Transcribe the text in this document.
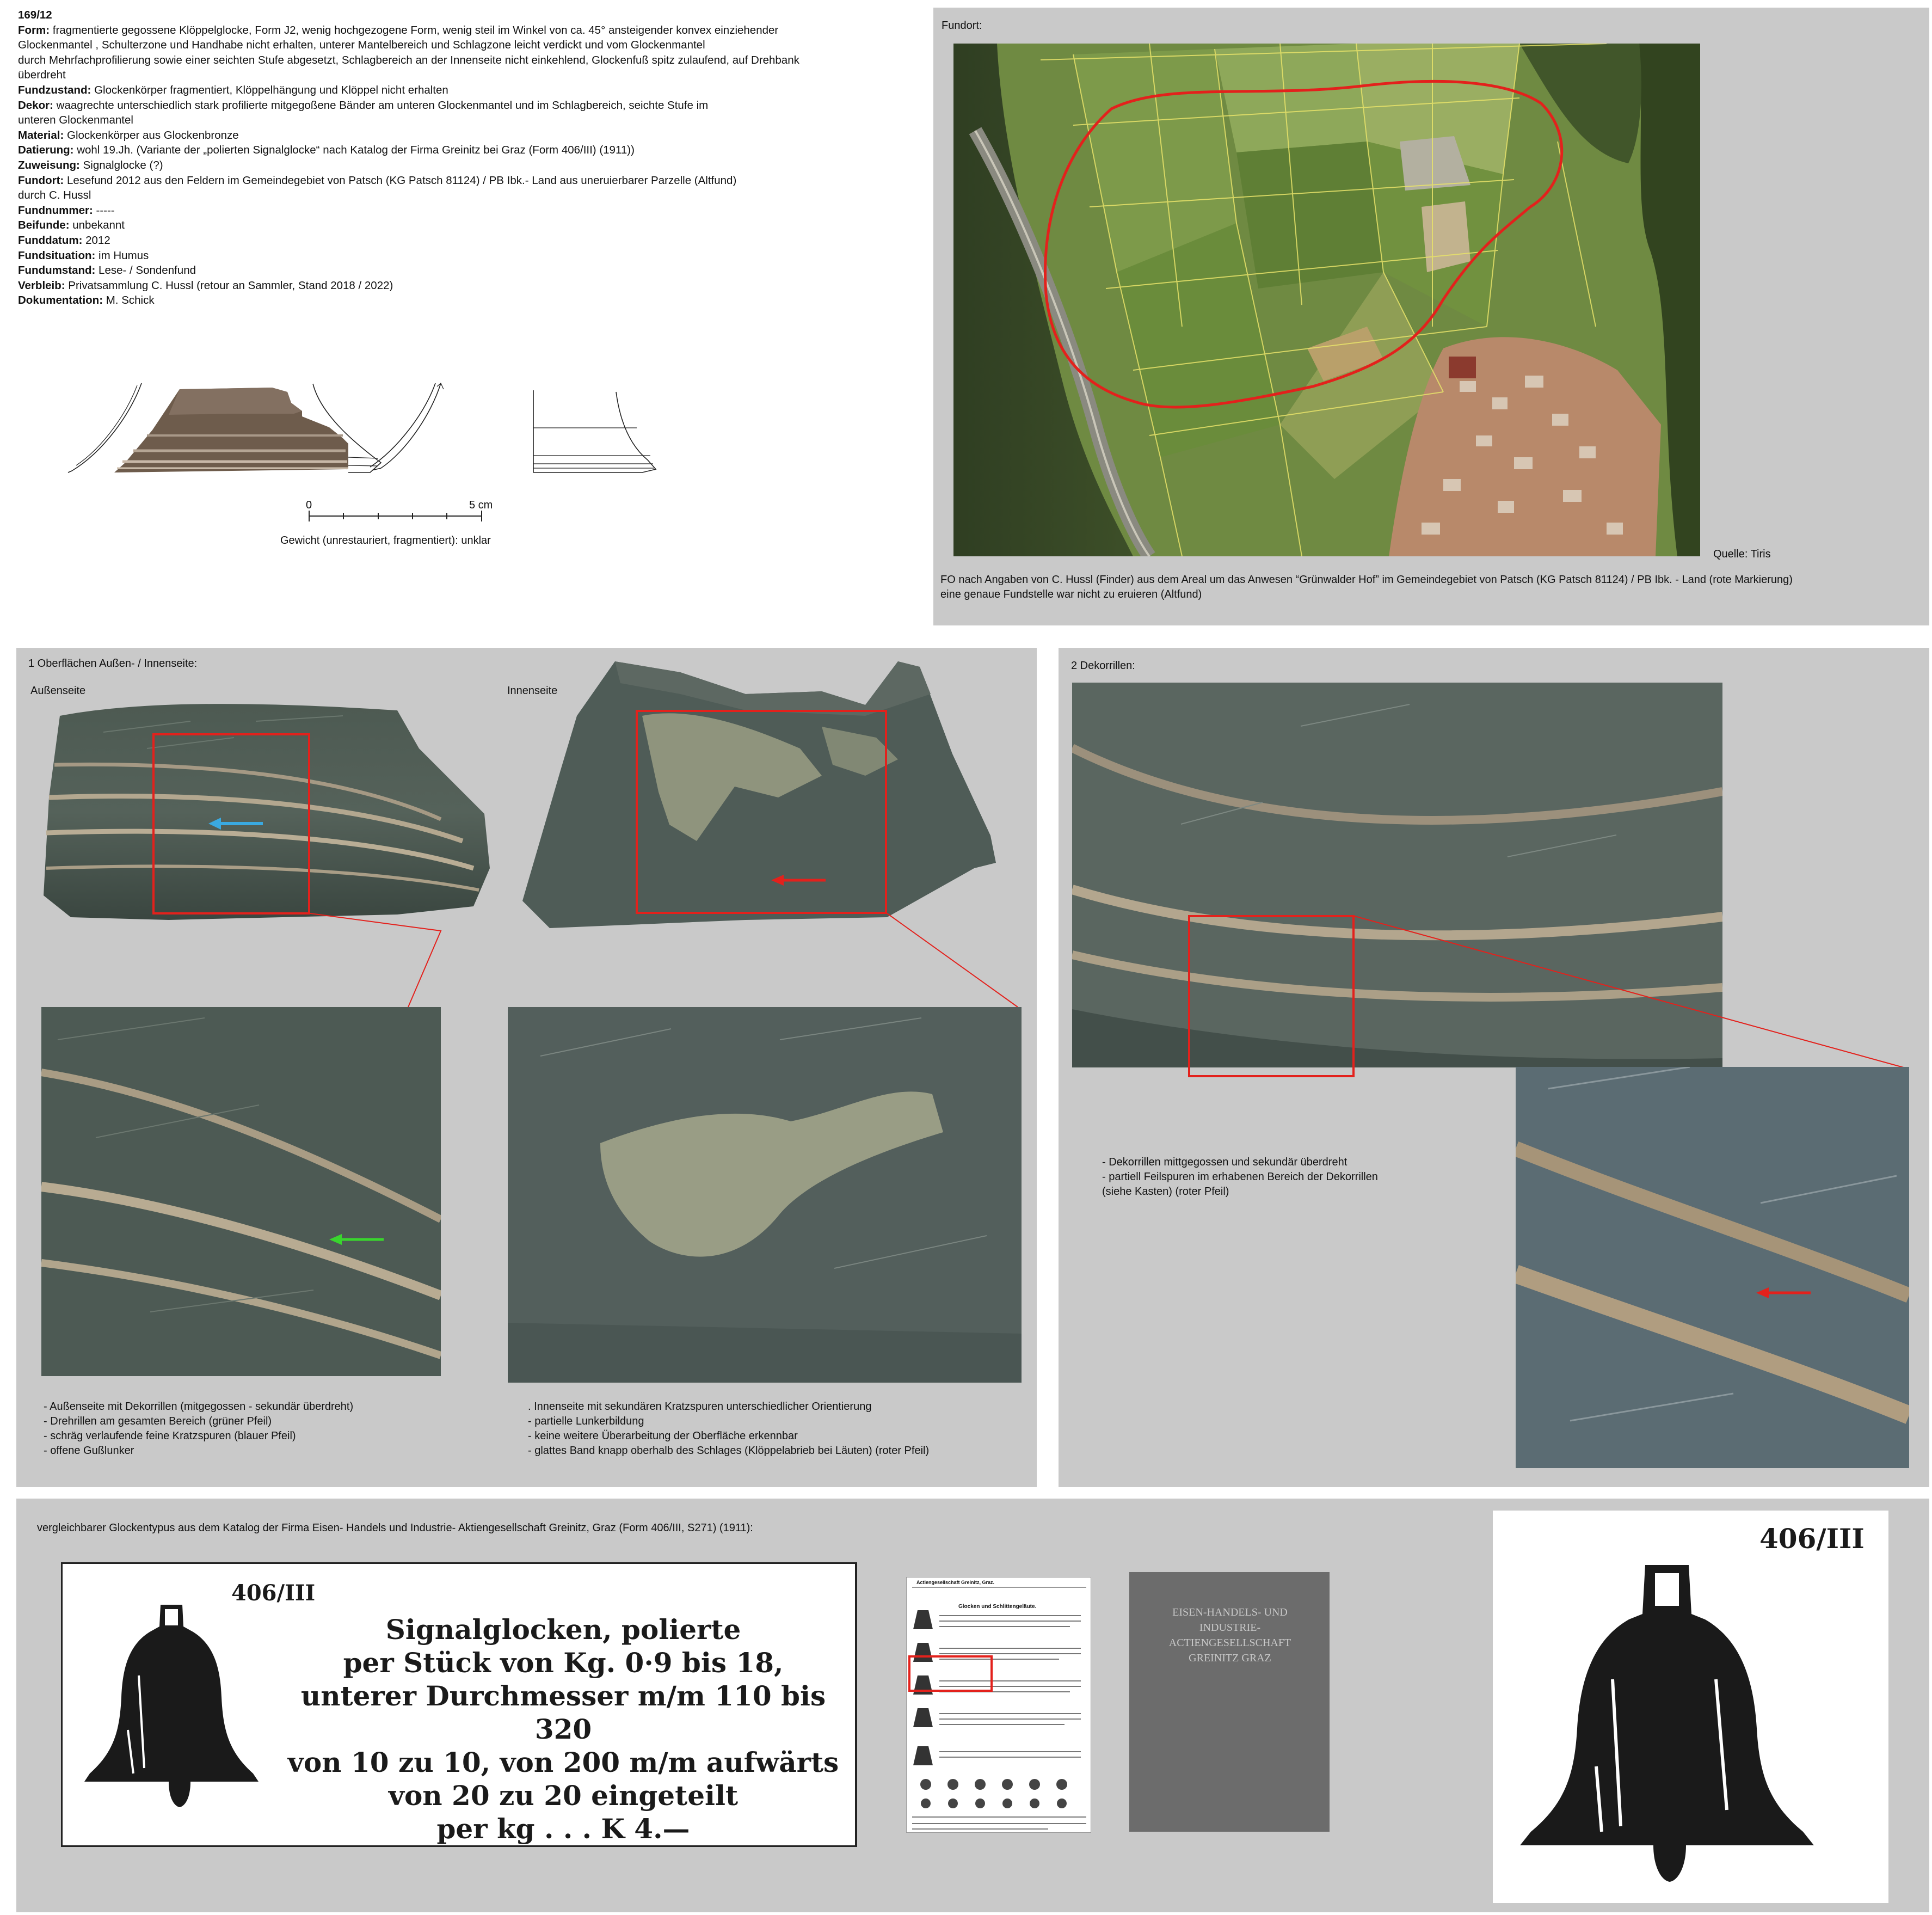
169/12

Form: fragmentierte gegossene Klöppelglocke, Form J2, wenig hochgezogene Form, wenig steil im Winkel von ca. 45° ansteigender konvex einziehender

Glockenmantel , Schulterzone und Handhabe nicht erhalten, unterer Mantelbereich und Schlagzone leicht verdickt und vom Glockenmantel

durch Mehrfachprofilierung sowie einer seichten Stufe abgesetzt, Schlagbereich an der Innenseite nicht einkehlend, Glockenfuß spitz zulaufend, auf Drehbank

überdreht

Fundzustand: Glockenkörper fragmentiert, Klöppelhängung und Klöppel nicht erhalten

Dekor: waagrechte unterschiedlich stark profilierte mitgegoßene Bänder am unteren Glockenmantel und im Schlagbereich, seichte Stufe im

unteren Glockenmantel

Material: Glockenkörper aus Glockenbronze

Datierung: wohl 19.Jh. (Variante der „polierten Signalglocke“ nach Katalog der Firma Greinitz bei Graz (Form 406/III) (1911))

Zuweisung: Signalglocke (?)

Fundort: Lesefund 2012 aus den Feldern im Gemeindegebiet von Patsch (KG Patsch 81124) / PB Ibk.- Land aus uneruierbarer Parzelle (Altfund)

durch C. Hussl

Fundnummer: -----

Beifunde: unbekannt

Funddatum: 2012

Fundsituation: im Humus

Fundumstand: Lese- / Sondenfund

Verbleib: Privatsammlung C. Hussl (retour an Sammler, Stand 2018 / 2022)

Dokumentation: M. Schick

0	5 cm
Gewicht (unrestauriert, fragmentiert): unklar
Fundort:
Quelle: Tiris
FO nach Angaben von C. Hussl (Finder) aus dem Areal um das Anwesen “Grünwalder Hof” im Gemeindegebiet von Patsch (KG Patsch 81124) / PB Ibk. - Land (rote Markierung)
eine genaue Fundstelle war nicht zu eruieren (Altfund)
1 Oberflächen Außen- / Innenseite:
Außenseite	Innenseite
- Außenseite mit Dekorrillen (mitgegossen - sekundär überdreht)
- Drehrillen am gesamten Bereich (grüner Pfeil)
- schräg verlaufende feine Kratzspuren (blauer Pfeil)
- offene Gußlunker
. Innenseite mit sekundären Kratzspuren unterschiedlicher Orientierung
- partielle Lunkerbildung
- keine weitere Überarbeitung der Oberfläche erkennbar
- glattes Band knapp oberhalb des Schlages (Klöppelabrieb bei Läuten) (roter Pfeil)
2 Dekorrillen:
- Dekorrillen mittgegossen und sekundär überdreht
- partiell Feilspuren im erhabenen Bereich der Dekorrillen
(siehe Kasten) (roter Pfeil)
vergleichbarer Glockentypus aus dem Katalog der Firma Eisen- Handels und Industrie- Aktiengesellschaft Greinitz, Graz (Form 406/III, S271) (1911):
406/III
Signalglocken, polierte
per Stück von Kg. 0·9 bis 18,
unterer Durchmesser m/m 110 bis 320
von 10 zu 10, von 200 m/m aufwärts
von 20 zu 20 eingeteilt
per kg . . . K 4.—
Actiengesellschaft Greinitz, Graz.
Glocken und Schlittengeläute.	EISEN-HANDELS- UND INDUSTRIE-ACTIENGESELLSCHAFT GREINITZ GRAZ
406/III
